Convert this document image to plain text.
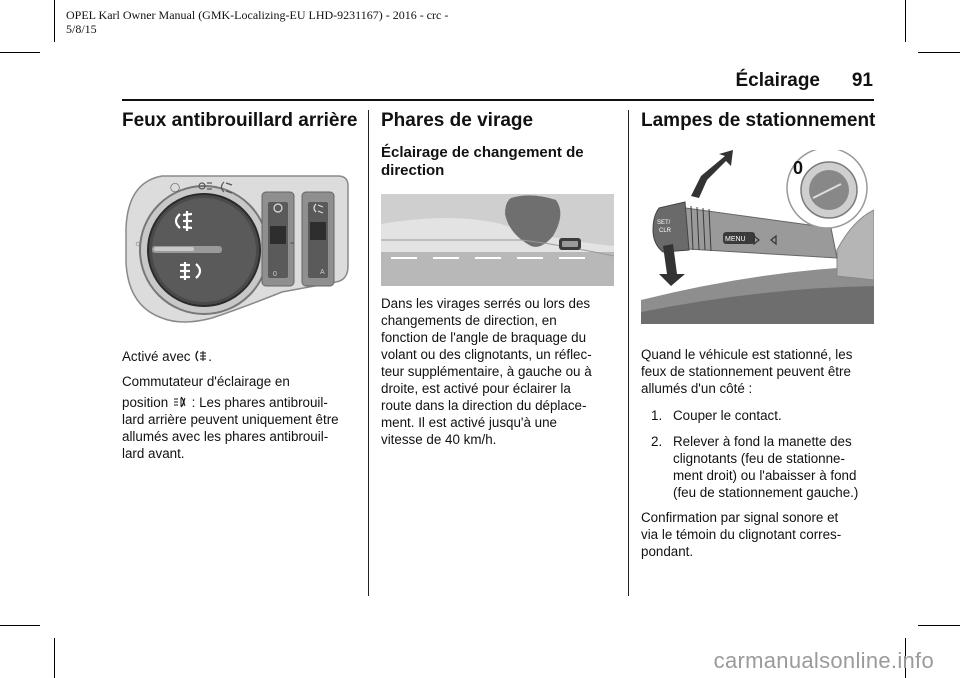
OPEL Karl Owner Manual (GMK-Localizing-EU LHD-9231167) - 2016 - crc -
5/8/15
Éclairage 91
Feux antibrouillard arrière
◯
☼
0	A
-

Activé avec .

Commutateur d'éclairage en

position : Les phares antibrouil-

lard arrière peuvent uniquement être

allumés avec les phares antibrouil-

lard avant.

Phares de virage
Éclairage de changement de direction

Dans les virages serrés ou lors des

changements de direction, en

fonction de l'angle de braquage du

volant ou des clignotants, un réflec-

teur supplémentaire, à gauche ou à

droite, est activé pour éclairer la

route dans la direction du déplace-

ment. Il est activé jusqu'à une

vitesse de 40 km/h.

Lampes de stationnement
SET/
CLR
MENU
0

Quand le véhicule est stationné, les

feux de stationnement peuvent être

allumés d'un côté :

1. Couper le contact.
2. Relever à fond la manette des
clignotants (feu de stationne-
ment droit) ou l'abaisser à fond
(feu de stationnement gauche.)

Confirmation par signal sonore et

via le témoin du clignotant corres-

pondant.

carmanualsonline.info
